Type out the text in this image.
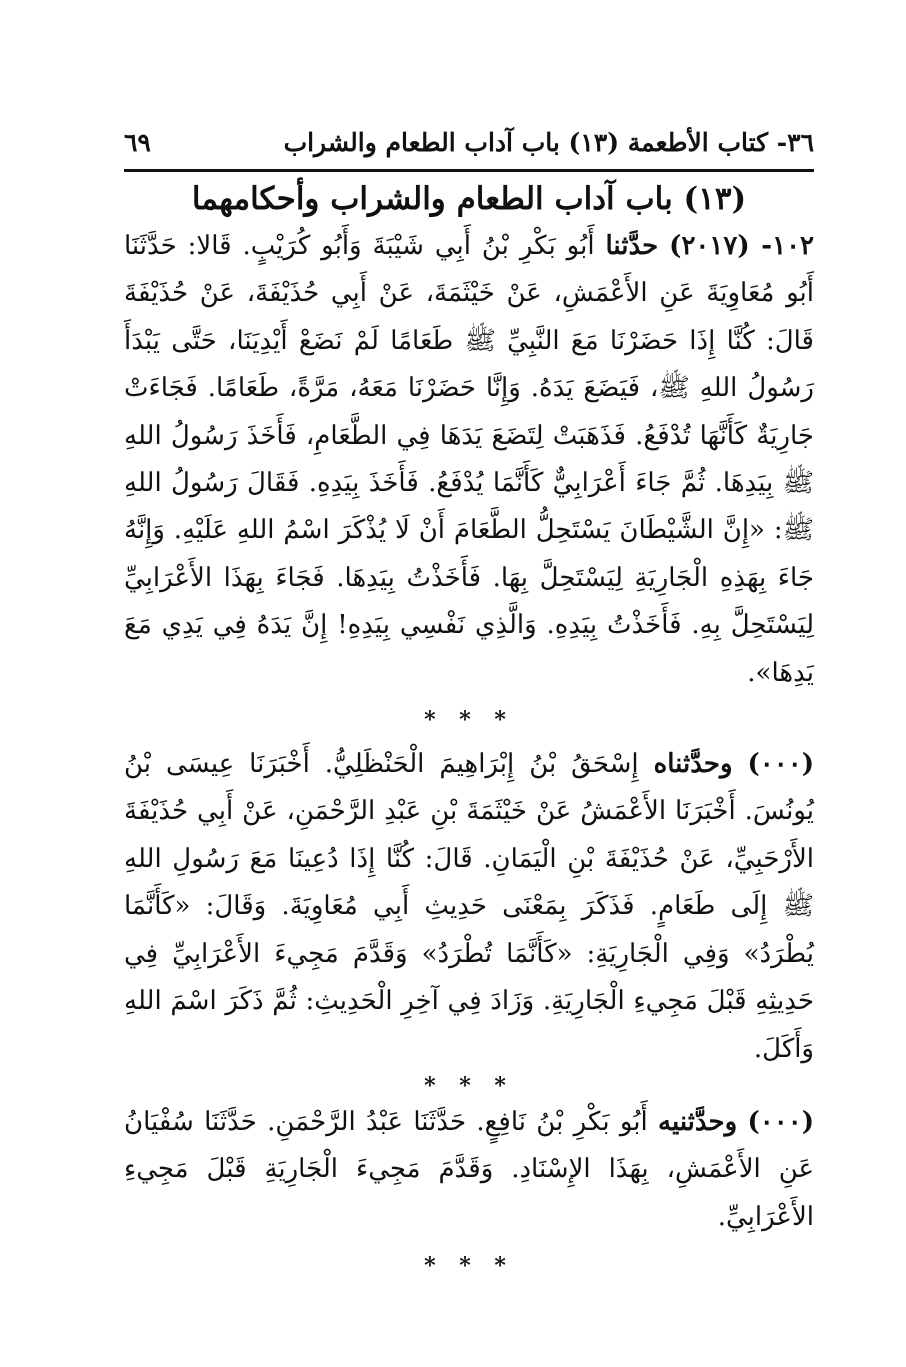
٣٦- كتاب الأطعمة (١٣) باب آداب الطعام والشراب
٦٩
(١٣) باب آداب الطعام والشراب وأحكامهما

١٠٢- (٢٠١٧) حدَّثنا أَبُو بَكْرِ بْنُ أَبِي شَيْبَةَ وَأَبُو كُرَيْبٍ. قَالا: حَدَّثَنَا أَبُو مُعَاوِيَةَ عَنِ الأَعْمَشِ، عَنْ خَيْثَمَةَ، عَنْ أَبِي حُذَيْفَةَ، عَنْ حُذَيْفَةَ قَالَ: كُنَّا إِذَا حَضَرْنَا مَعَ النَّبِيِّ ﷺ طَعَامًا لَمْ نَضَعْ أَيْدِيَنَا، حَتَّى يَبْدَأَ رَسُولُ اللهِ ﷺ، فَيَضَعَ يَدَهُ. وَإِنَّا حَضَرْنَا مَعَهُ، مَرَّةً، طَعَامًا. فَجَاءَتْ جَارِيَةٌ كَأَنَّهَا تُدْفَعُ. فَذَهَبَتْ لِتَضَعَ يَدَهَا فِي الطَّعَامِ، فَأَخَذَ رَسُولُ اللهِ ﷺ بِيَدِهَا. ثُمَّ جَاءَ أَعْرَابِيٌّ كَأَنَّمَا يُدْفَعُ. فَأَخَذَ بِيَدِهِ. فَقَالَ رَسُولُ اللهِ ﷺ: «إِنَّ الشَّيْطَانَ يَسْتَحِلُّ الطَّعَامَ أَنْ لَا يُذْكَرَ اسْمُ اللهِ عَلَيْهِ. وَإِنَّهُ جَاءَ بِهَذِهِ الْجَارِيَةِ لِيَسْتَحِلَّ بِهَا. فَأَخَذْتُ بِيَدِهَا. فَجَاءَ بِهَذَا الأَعْرَابِيِّ لِيَسْتَحِلَّ بِهِ. فَأَخَذْتُ بِيَدِهِ. وَالَّذِي نَفْسِي بِيَدِهِ! إِنَّ يَدَهُ فِي يَدِي مَعَ يَدِهَا».

* * *

(٠٠٠) وحدَّثناه إِسْحَقُ بْنُ إِبْرَاهِيمَ الْحَنْظَلِيُّ. أَخْبَرَنَا عِيسَى بْنُ يُونُسَ. أَخْبَرَنَا الأَعْمَشُ عَنْ خَيْثَمَةَ بْنِ عَبْدِ الرَّحْمَنِ، عَنْ أَبِي حُذَيْفَةَ الأَرْحَبِيِّ، عَنْ حُذَيْفَةَ بْنِ الْيَمَانِ. قَالَ: كُنَّا إِذَا دُعِينَا مَعَ رَسُولِ اللهِ ﷺ إِلَى طَعَامٍ. فَذَكَرَ بِمَعْنَى حَدِيثِ أَبِي مُعَاوِيَةَ. وَقَالَ: «كَأَنَّمَا يُطْرَدُ» وَفِي الْجَارِيَةِ: «كَأَنَّمَا تُطْرَدُ» وَقَدَّمَ مَجِيءَ الأَعْرَابِيِّ فِي حَدِيثِهِ قَبْلَ مَجِيءِ الْجَارِيَةِ. وَزَادَ فِي آخِرِ الْحَدِيثِ: ثُمَّ ذَكَرَ اسْمَ اللهِ وَأَكَلَ.

* * *

(٠٠٠) وحدَّثنيه أَبُو بَكْرِ بْنُ نَافِعٍ. حَدَّثَنَا عَبْدُ الرَّحْمَنِ. حَدَّثَنَا سُفْيَانُ عَنِ الأَعْمَشِ، بِهَذَا الإِسْنَادِ. وَقَدَّمَ مَجِيءَ الْجَارِيَةِ قَبْلَ مَجِيءِ الأَعْرَابِيِّ.

* * *
